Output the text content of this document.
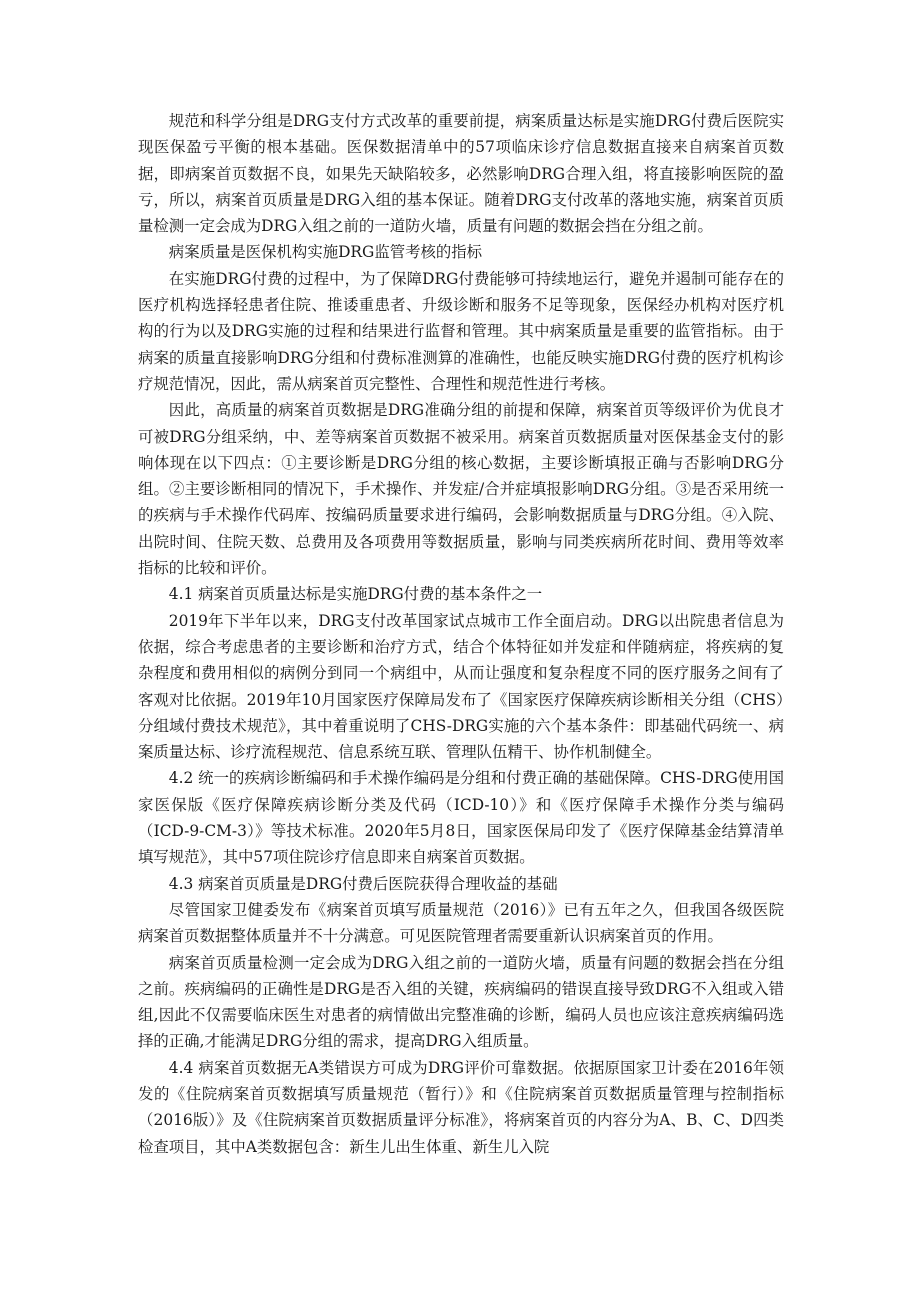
规范和科学分组是DRG支付方式改革的重要前提，病案质量达标是实施DRG付费后医院实现医保盈亏平衡的根本基础。医保数据清单中的57项临床诊疗信息数据直接来自病案首页数据，即病案首页数据不良，如果先天缺陷较多，必然影响DRG合理入组，将直接影响医院的盈亏，所以，病案首页质量是DRG入组的基本保证。随着DRG支付改革的落地实施，病案首页质量检测一定会成为DRG入组之前的一道防火墙，质量有问题的数据会挡在分组之前。

病案质量是医保机构实施DRG监管考核的指标

在实施DRG付费的过程中，为了保障DRG付费能够可持续地运行，避免并遏制可能存在的医疗机构选择轻患者住院、推诿重患者、升级诊断和服务不足等现象，医保经办机构对医疗机构的行为以及DRG实施的过程和结果进行监督和管理。其中病案质量是重要的监管指标。由于病案的质量直接影响DRG分组和付费标准测算的准确性，也能反映实施DRG付费的医疗机构诊疗规范情况，因此，需从病案首页完整性、合理性和规范性进行考核。

因此，高质量的病案首页数据是DRG准确分组的前提和保障，病案首页等级评价为优良才可被DRG分组采纳，中、差等病案首页数据不被采用。病案首页数据质量对医保基金支付的影响体现在以下四点：①主要诊断是DRG分组的核心数据，主要诊断填报正确与否影响DRG分组。②主要诊断相同的情况下，手术操作、并发症/合并症填报影响DRG分组。③是否采用统一的疾病与手术操作代码库、按编码质量要求进行编码，会影响数据质量与DRG分组。④入院、出院时间、住院天数、总费用及各项费用等数据质量，影响与同类疾病所花时间、费用等效率指标的比较和评价。

4.1 病案首页质量达标是实施DRG付费的基本条件之一

2019年下半年以来，DRG支付改革国家试点城市工作全面启动。DRG以出院患者信息为依据，综合考虑患者的主要诊断和治疗方式，结合个体特征如并发症和伴随病症，将疾病的复杂程度和费用相似的病例分到同一个病组中，从而让强度和复杂程度不同的医疗服务之间有了客观对比依据。2019年10月国家医疗保障局发布了《国家医疗保障疾病诊断相关分组（CHS）分组域付费技术规范》，其中着重说明了CHS-DRG实施的六个基本条件：即基础代码统一、病案质量达标、诊疗流程规范、信息系统互联、管理队伍精干、协作机制健全。

4.2 统一的疾病诊断编码和手术操作编码是分组和付费正确的基础保障。CHS-DRG使用国家医保版《医疗保障疾病诊断分类及代码（ICD-10）》和《医疗保障手术操作分类与编码（ICD-9-CM-3）》等技术标准。2020年5月8日，国家医保局印发了《医疗保障基金结算清单填写规范》，其中57项住院诊疗信息即来自病案首页数据。

4.3 病案首页质量是DRG付费后医院获得合理收益的基础

尽管国家卫健委发布《病案首页填写质量规范（2016）》已有五年之久，但我国各级医院病案首页数据整体质量并不十分满意。可见医院管理者需要重新认识病案首页的作用。

病案首页质量检测一定会成为DRG入组之前的一道防火墙，质量有问题的数据会挡在分组之前。疾病编码的正确性是DRG是否入组的关键，疾病编码的错误直接导致DRG不入组或入错组,因此不仅需要临床医生对患者的病情做出完整准确的诊断，编码人员也应该注意疾病编码选择的正确,才能满足DRG分组的需求，提高DRG入组质量。

4.4 病案首页数据无A类错误方可成为DRG评价可靠数据。依据原国家卫计委在2016年领发的《住院病案首页数据填写质量规范（暂行）》和《住院病案首页数据质量管理与控制指标（2016版）》及《住院病案首页数据质量评分标准》，将病案首页的内容分为A、B、C、D四类检查项目，其中A类数据包含：新生儿出生体重、新生儿入院
